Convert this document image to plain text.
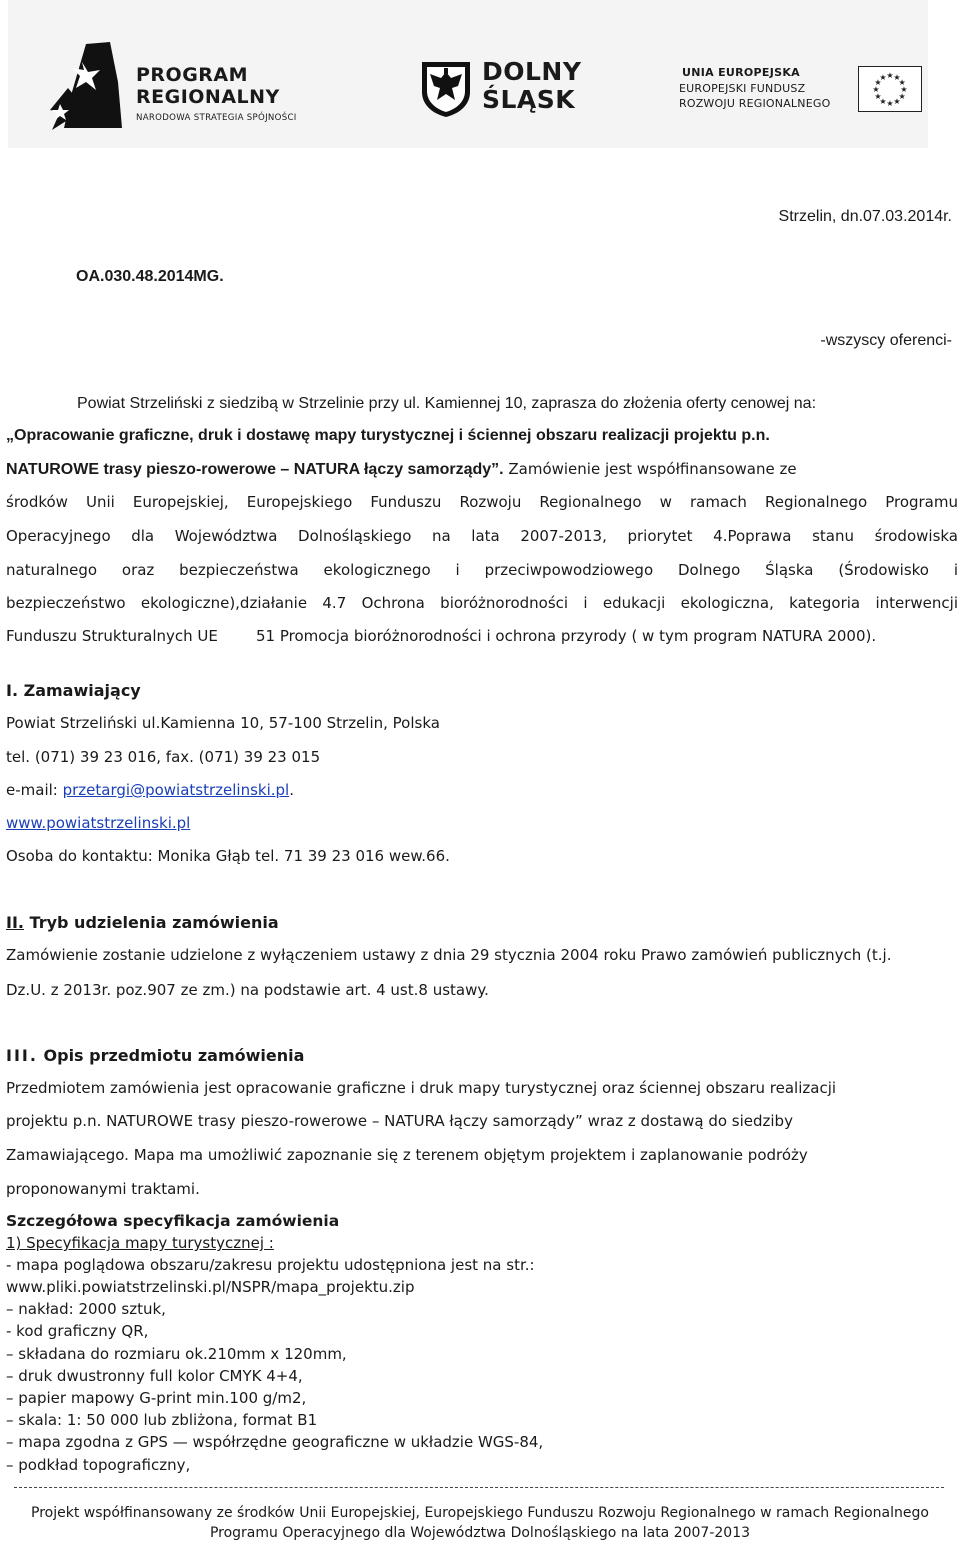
PROGRAM
REGIONALNY
NARODOWA STRATEGIA SPÓJNOŚCI
DOLNY
ŚLĄSK
UNIA EUROPEJSKA
EUROPEJSKI FUNDUSZ
ROZWOJU REGIONALNEGO
★ ★
★
★
★
★
★
★
★
★
★
★
Strzelin, dn.07.03.2014r.
OA.030.48.2014MG.
-wszyscy oferenci-
Powiat Strzeliński z siedzibą w Strzelinie przy ul. Kamiennej 10, zaprasza do złożenia oferty cenowej na:
„Opracowanie graficzne, druk i dostawę mapy turystycznej i ściennej obszaru realizacji projektu p.n.
NATUROWE trasy pieszo-rowerowe – NATURA łączy samorządy”. Zamówienie jest współfinansowane ze
środków Unii Europejskiej, Europejskiego Funduszu Rozwoju Regionalnego w ramach Regionalnego Programu
Operacyjnego dla Województwa Dolnośląskiego na lata 2007-2013, priorytet 4.Poprawa stanu środowiska
naturalnego oraz bezpieczeństwa ekologicznego i przeciwpowodziowego Dolnego Śląska (Środowisko i
bezpieczeństwo ekologiczne),działanie 4.7 Ochrona bioróżnorodności i edukacji ekologiczna, kategoria interwencji
Funduszu Strukturalnych UE	51 Promocja bioróżnorodności i ochrona przyrody ( w tym program NATURA 2000).
I. Zamawiający
Powiat Strzeliński ul.Kamienna 10, 57-100 Strzelin, Polska
tel. (071) 39 23 016, fax. (071) 39 23 015
e-mail: przetargi@powiatstrzelinski.pl.
www.powiatstrzelinski.pl
Osoba do kontaktu: Monika Głąb tel. 71 39 23 016 wew.66.
II. Tryb udzielenia zamówienia
Zamówienie zostanie udzielone z wyłączeniem ustawy z dnia 29 stycznia 2004 roku Prawo zamówień publicznych (t.j.
Dz.U. z 2013r. poz.907 ze zm.) na podstawie art. 4 ust.8 ustawy.
III. Opis przedmiotu zamówienia
Przedmiotem zamówienia jest opracowanie graficzne i druk mapy turystycznej oraz ściennej obszaru realizacji
projektu p.n. NATUROWE trasy pieszo-rowerowe – NATURA łączy samorządy” wraz z dostawą do siedziby
Zamawiającego. Mapa ma umożliwić zapoznanie się z terenem objętym projektem i zaplanowanie podróży
proponowanymi traktami.
Szczegółowa specyfikacja zamówienia
1) Specyfikacja mapy turystycznej :
- mapa poglądowa obszaru/zakresu projektu udostępniona jest na str.:
www.pliki.powiatstrzelinski.pl/NSPR/mapa_projektu.zip
– nakład: 2000 sztuk,
- kod graficzny QR,
– składana do rozmiaru ok.210mm x 120mm,
– druk dwustronny full kolor CMYK 4+4,
– papier mapowy G-print min.100 g/m2,
– skala: 1: 50 000 lub zbliżona, format B1
– mapa zgodna z GPS — współrzędne geograficzne w układzie WGS-84,
– podkład topograficzny,
Projekt współfinansowany ze środków Unii Europejskiej, Europejskiego Funduszu Rozwoju Regionalnego w ramach Regionalnego
Programu Operacyjnego dla Województwa Dolnośląskiego na lata 2007-2013
